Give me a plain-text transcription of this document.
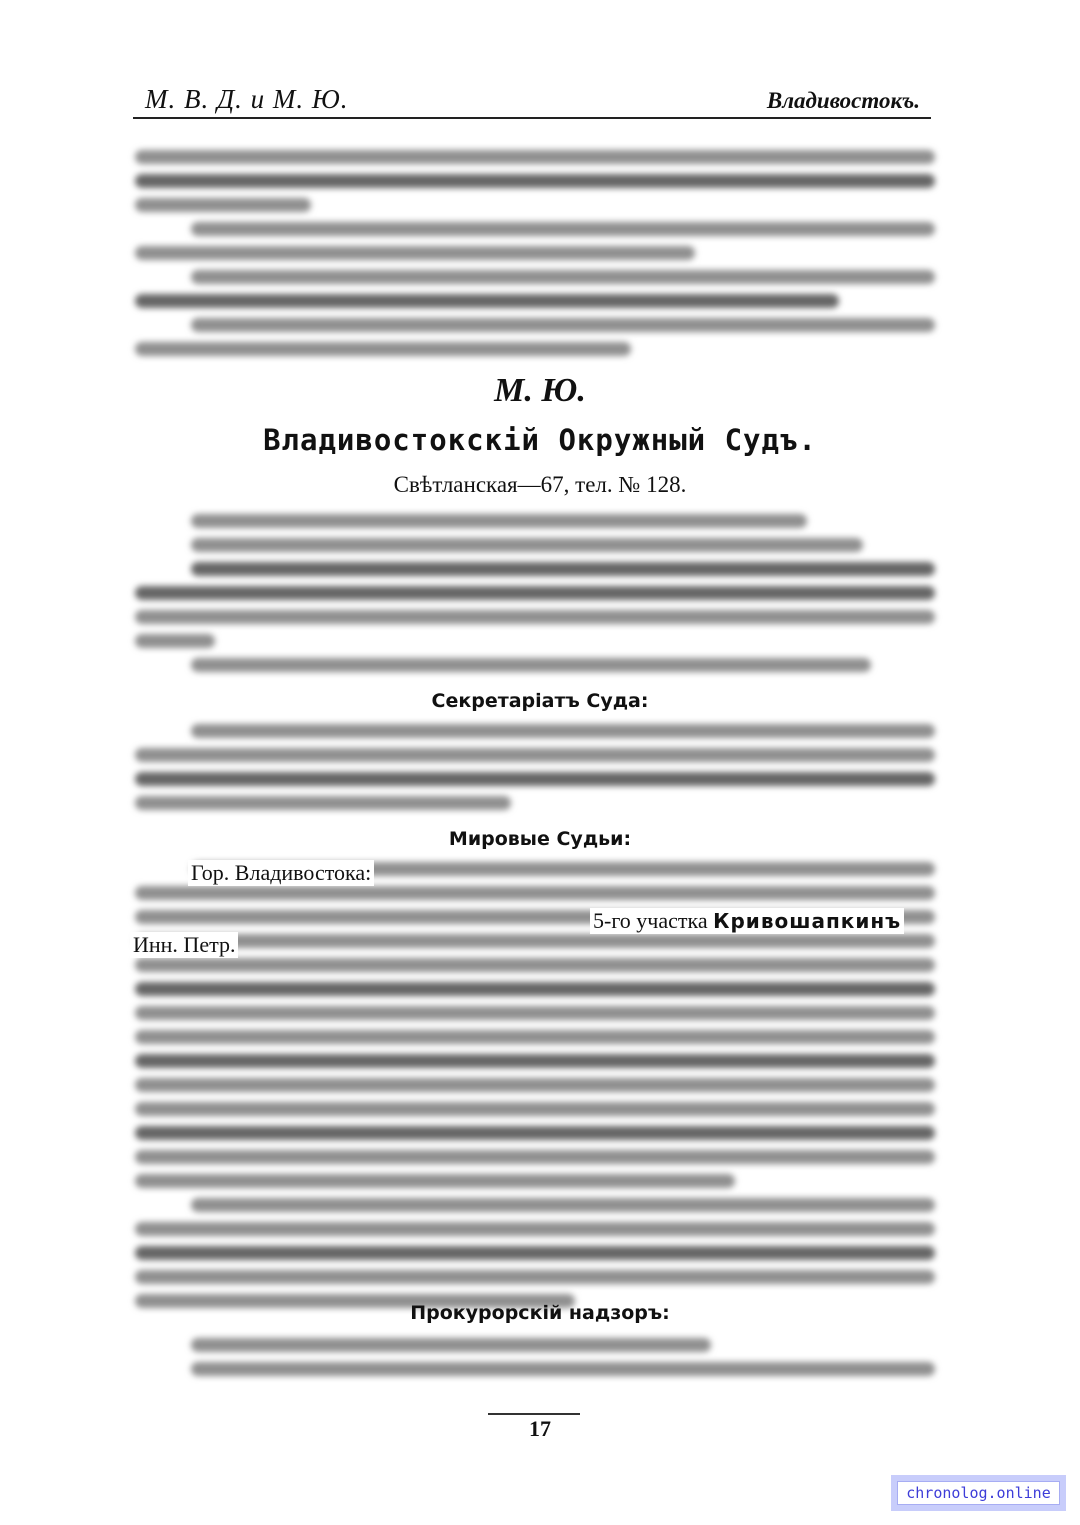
М. В. Д. и М. Ю.	Владивостокъ.
М. Ю.
Владивостокскій Окружный Судъ.
Свѣтланская—67, тел. № 128.
Секретаріатъ Суда:
Мировые Судьи:
Гор. Владивостока:
5-го участка Кривошапкинъ
Инн. Петр.
Прокурорскій надзоръ:
17
chronolog.online
